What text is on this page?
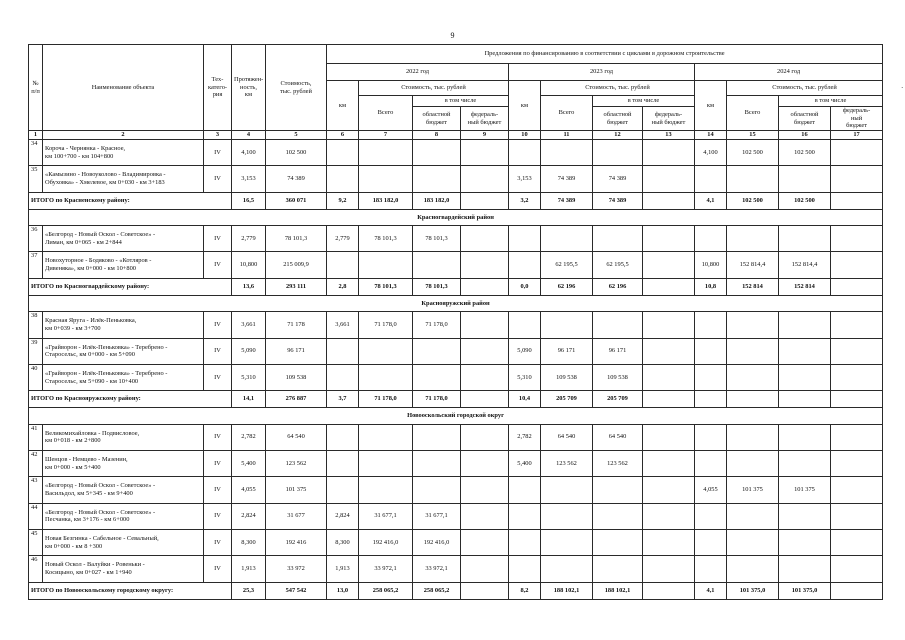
9
·
№
п/п	Наименование объекта	Тех-
катего-
рия	Протяжен-
ность,
км	Стоимость,
тыс. рублей	Предложения по финансированию в соответствии с циклами в дорожном строительстве											
					2022 год				2023 год				2024 год			
					км	Стоимость, тыс. рублей			км	Стоимость, тыс. рублей			км	Стоимость, тыс. рублей		
						Всего	в том числе			Всего	в том числе			Всего	в том числе	
							областной
бюджет	федераль-
ный бюджет			областной
бюджет	федераль-
ный бюджет			областной
бюджет	федераль-
ный
бюджет
1	2	3	4	5	6	7	8	9	10	11	12	13	14	15	16	17
34	Короча - Чернянка - Красное,
км 100+700 - км 104+800	IV	4,100	102 500									4,100	102 500	102 500	
35	«Камызино - Новоуколово - Владимировка -
Обуховка» - Хмелевое, км 0+030 - км 3+183	IV	3,153	74 389					3,153	74 389	74 389					
ИТОГО по Красненскому району:			16,5	360 071	9,2	183 182,0	183 182,0		3,2	74 389	74 389		4,1	102 500	102 500	
Красногвардейский район																
36	«Белгород - Новый Оскол - Советское» -
Лиман, км 0+065 - км 2+844	IV	2,779	78 101,3	2,779	78 101,3	78 101,3									
37	Новохуторное - Бодяково - «Котляров -
Дивеняка», км 0+000 - км 10+800	IV	10,800	215 009,9						62 195,5	62 195,5		10,800	152 814,4	152 814,4	
ИТОГО по Красногвардейскому району:			13,6	293 111	2,8	78 101,3	78 101,3		0,0	62 196	62 196		10,8	152 814	152 814	
Краснояружский район																
38	Красная Яруга - Илёк-Пеньковка,
км 0+039 - км 3+700	IV	3,661	71 178	3,661	71 178,0	71 178,0									
39	«Грайворон - Илёк-Пеньковка» - Теребрено -
Старосельс, км 0+000 - км 5+090	IV	5,090	96 171					5,090	96 171	96 171					
40	«Грайворон - Илёк-Пеньковка» - Теребрено -
Старосельс, км 5+090 - км 10+400	IV	5,310	109 538					5,310	109 538	109 538					
ИТОГО по Краснояружскому району:			14,1	276 887	3,7	71 178,0	71 178,0		10,4	205 709	205 709					
Новооскольский городской округ																
41	Великомихайловка - Подвисловое,
км 0+018 - км 2+800	IV	2,782	64 540					2,782	64 540	64 540					
42	Шенцов - Немцево - Мазенин,
км 0+000 - км 5+400	IV	5,400	123 562					5,400	123 562	123 562					
43	«Белгород - Новый Оскол - Советское» -
Васильдол, км 5+345 - км 9+400	IV	4,055	101 375									4,055	101 375	101 375	
44	«Белгород - Новый Оскол - Советское» -
Песчанка, км 3+176 - км 6+000	IV	2,824	31 677	2,824	31 677,1	31 677,1									
45	Новая Безгинка - Сабельное - Севальный,
км 0+000 - км 8 +300	IV	8,300	192 416	8,300	192 416,0	192 416,0									
46	Новый Оскол - Валуйки - Ровеньки -
Косицыно, км 0+027 - км 1+940	IV	1,913	33 972	1,913	33 972,1	33 972,1									
ИТОГО по Новооскольскому городскому округу:			25,3	547 542	13,0	258 065,2	258 065,2		8,2	188 102,1	188 102,1		4,1	101 375,0	101 375,0	
